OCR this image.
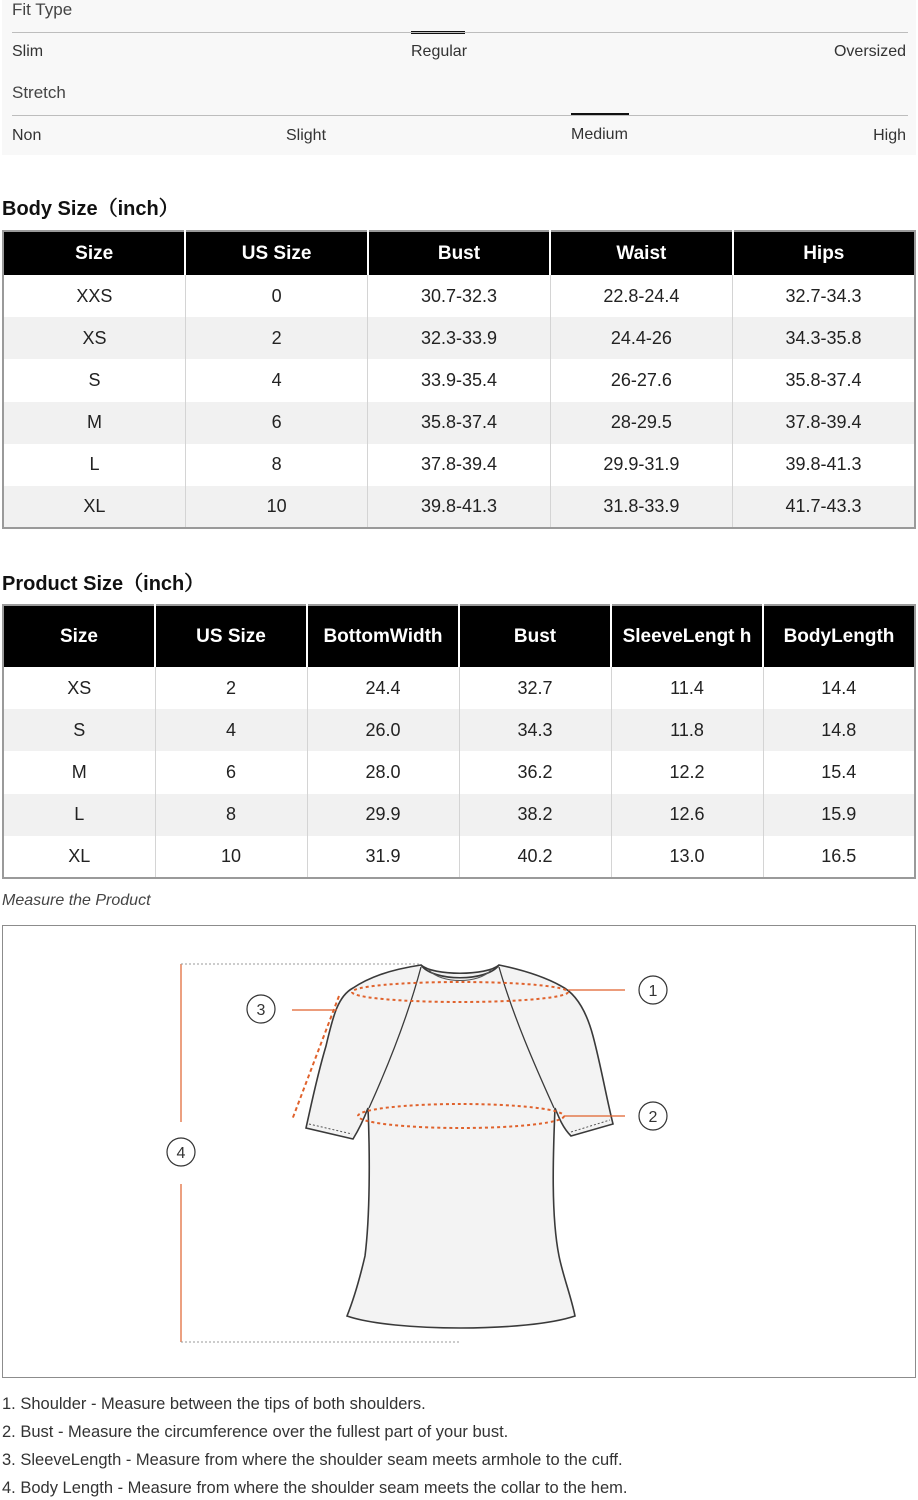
Fit Type
Slim	Regular	Oversized
Stretch
Non	Slight	Medium	High
Body Size（inch）
Size	US Size	Bust	Waist	Hips
XXS	0	30.7-32.3	22.8-24.4	32.7-34.3
XS	2	32.3-33.9	24.4-26	34.3-35.8
S	4	33.9-35.4	26-27.6	35.8-37.4
M	6	35.8-37.4	28-29.5	37.8-39.4
L	8	37.8-39.4	29.9-31.9	39.8-41.3
XL	10	39.8-41.3	31.8-33.9	41.7-43.3
Product Size（inch）
Size	US Size	BottomWidth	Bust	SleeveLengt h	BodyLength
XS	2	24.4	32.7	11.4	14.4
S	4	26.0	34.3	11.8	14.8
M	6	28.0	36.2	12.2	15.4
L	8	29.9	38.2	12.6	15.9
XL	10	31.9	40.2	13.0	16.5
Measure the Product
1
2
3
4
1. Shoulder - Measure between the tips of both shoulders.
2. Bust - Measure the circumference over the fullest part of your bust.
3. SleeveLength - Measure from where the shoulder seam meets armhole to the cuff.
4. Body Length - Measure from where the shoulder seam meets the collar to the hem.
